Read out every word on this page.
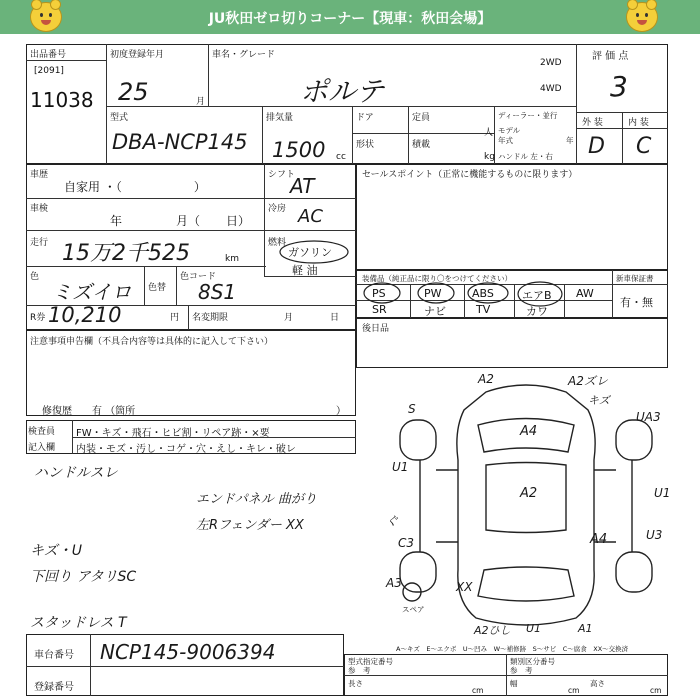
JU秋田ゼロ切りコーナー【現車：秋田会場】
出品番号
[2091]
11038
初度登録年月
25	月
車名・グレード
ポルテ
2WD
4WD
評 価 点
3
型式
DBA-NCP145
排気量
1500 cc
ドア	定員
人
形状	積載
kg
ディーラー・並行
モデル
年式	年
ハンドル 左・右
外 装	内 装
D C
車歴
自家用 ・（　　　　　　）
シフト
AT
車検
年	月（ 日）
冷房 AC
走行 15万2千525	km
燃料
ガソリン
軽 油
色
ミズイロ 色替
色コード
8S1
R券 10,210	円 名変期限	月	日
セールスポイント（正常に機能するものに限ります）
装備品（純正品に限り〇をつけてください）	新車保証書
有・無
PS	PW	ABS	エアB AW
SR	ナビ	TV	カワ
後日品
注意事項申告欄（不具合内容等は具体的に記入して下さい）
修復歴　　有 （箇所	）
検査員
記入欄
FW・キズ・飛石・ヒビ割・リペア跡・×要
内装・モズ・汚し・コゲ・穴・えし・キレ・破レ
ハンドルスレ
エンドパネル 曲がり
左Rフェンダー XX
キズ・U
下回り アタリSC
スタッドレス T
A2	A2ズレ
キズ
S
UA3
A4
U1
A2	U1
ぐ
C3	A4	U3
A3	XX
A2ひし U1	A1
スペア
A～キズ　E～エクボ　U～凹み　W～補修跡　S～サビ　C～腐食　XX～交換済
車台番号 NCP145-9006394
登録番号
型式指定番号
参　考
類別区分番号
参　考
長さ
cm
幅
cm
高さ
cm
